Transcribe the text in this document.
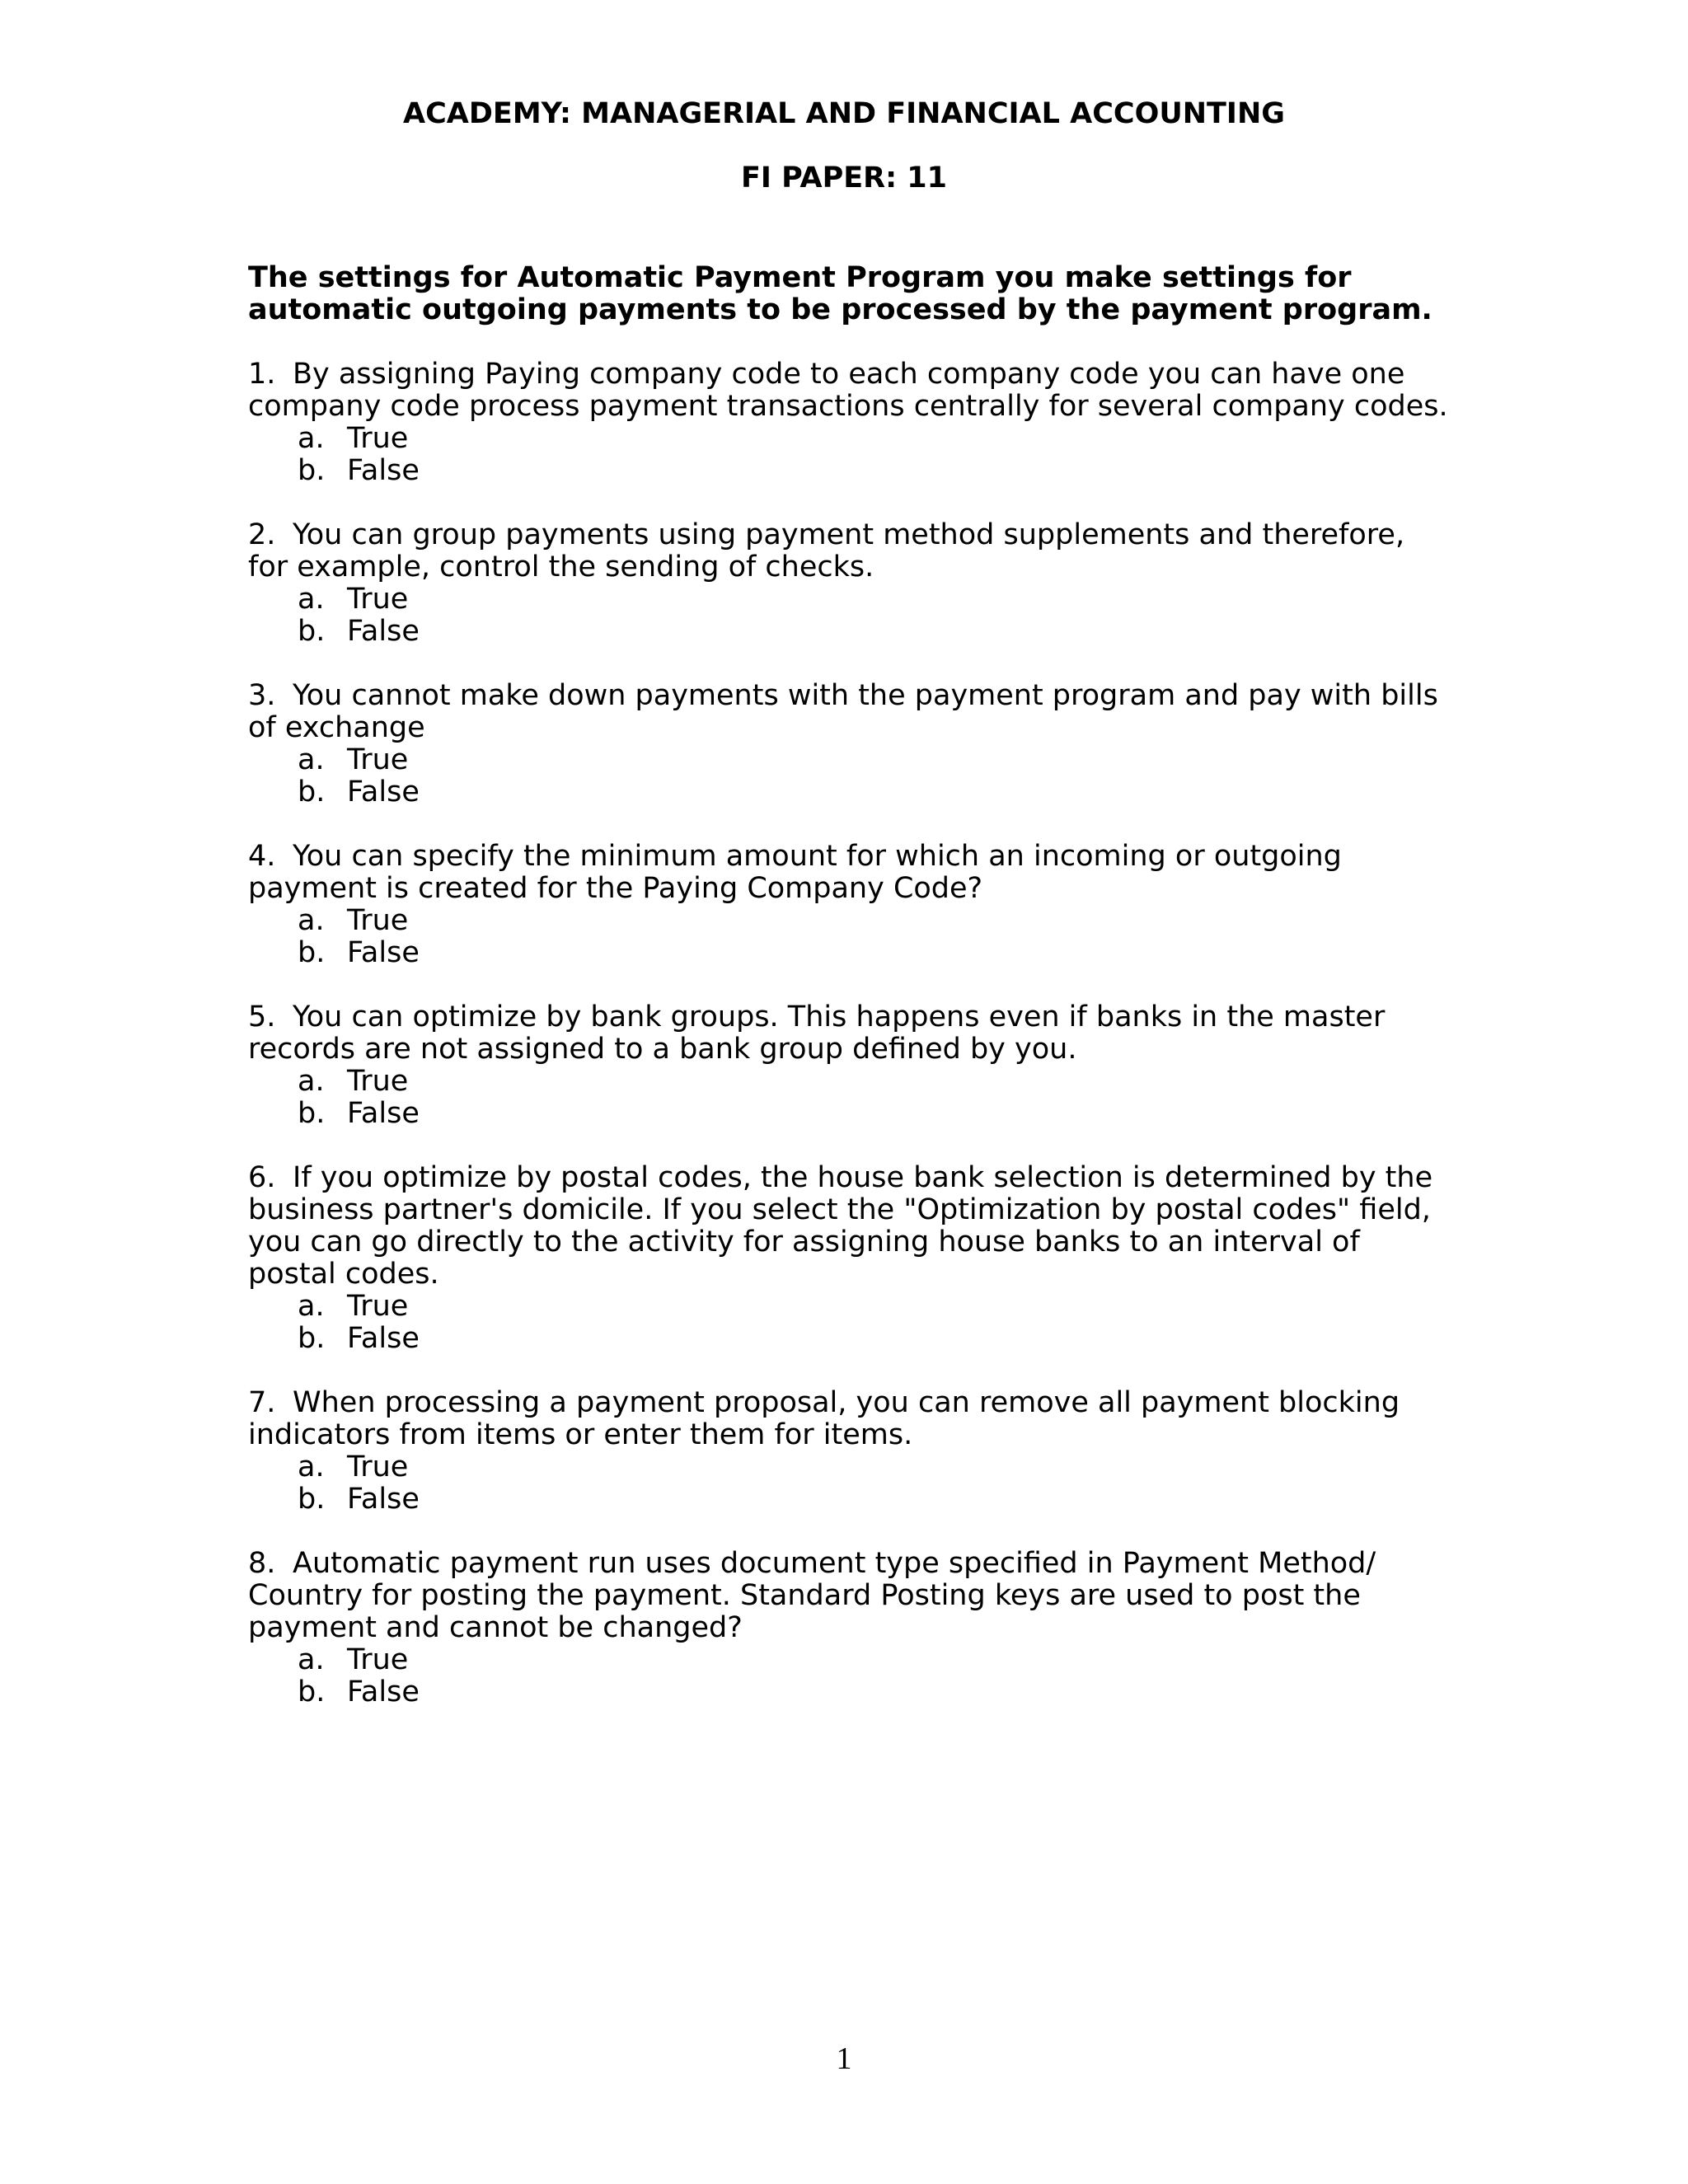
ACADEMY: MANAGERIAL AND FINANCIAL ACCOUNTING
FI PAPER: 11

The settings for Automatic Payment Program you make settings for automatic outgoing payments to be processed by the payment program.

1. By assigning Paying company code to each company code you can have one company code process payment transactions centrally for several company codes.

a. True
b. False

2. You can group payments using payment method supplements and therefore, for example, control the sending of checks.

a. True
b. False

3. You cannot make down payments with the payment program and pay with bills of exchange

a. True
b. False

4. You can specify the minimum amount for which an incoming or outgoing payment is created for the Paying Company Code?

a. True
b. False

5. You can optimize by bank groups. This happens even if banks in the master records are not assigned to a bank group defined by you.

a. True
b. False

6. If you optimize by postal codes, the house bank selection is determined by the business partner's domicile. If you select the "Optimization by postal codes" field, you can go directly to the activity for assigning house banks to an interval of postal codes.

a. True
b. False

7. When processing a payment proposal, you can remove all payment blocking indicators from items or enter them for items.

a. True
b. False

8. Automatic payment run uses document type specified in Payment Method/ Country for posting the payment. Standard Posting keys are used to post the payment and cannot be changed?

a. True
b. False
1
